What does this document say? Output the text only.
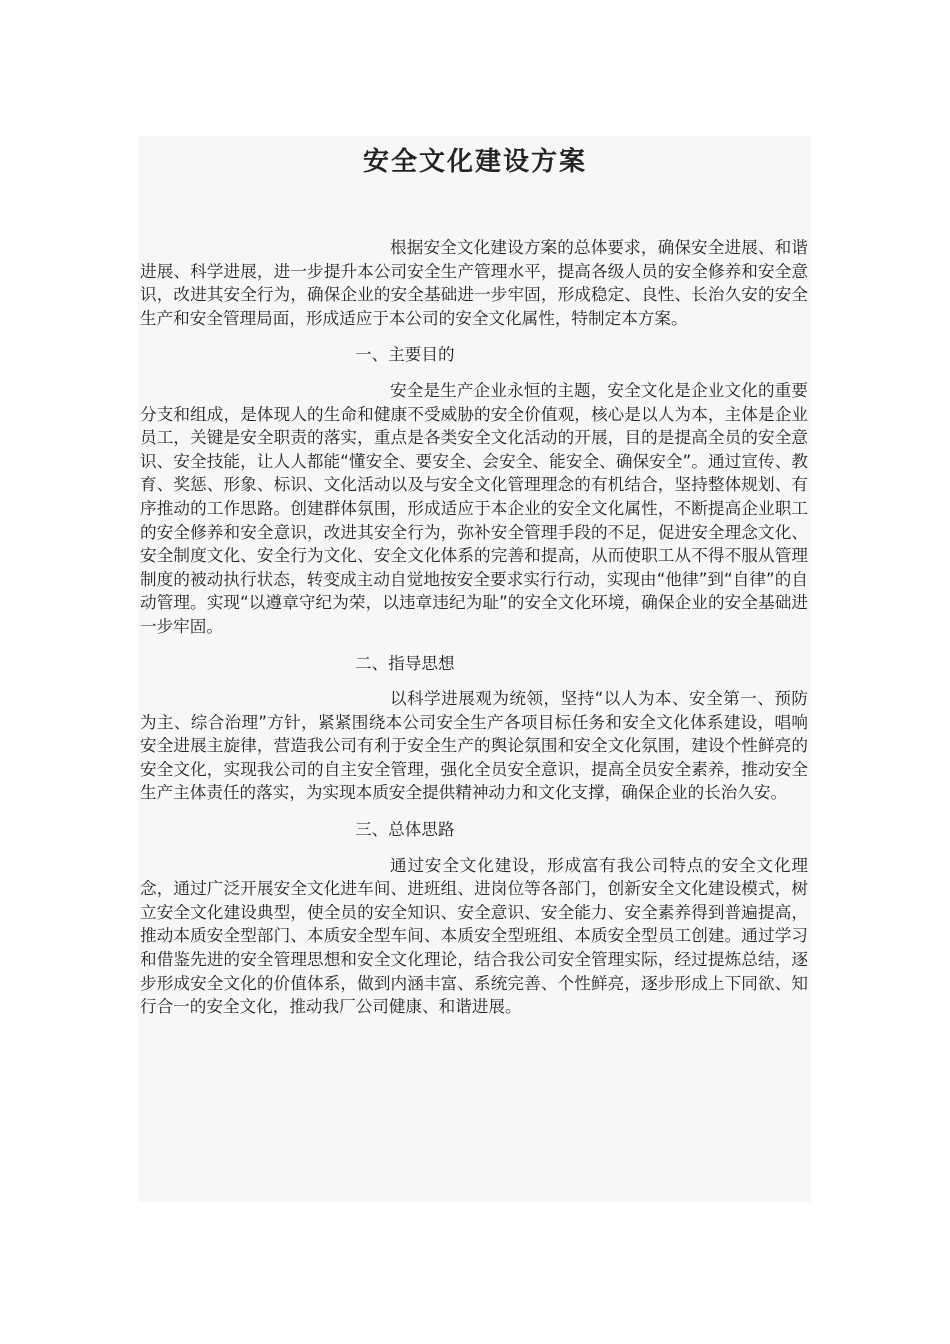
安全文化建设方案

根据安全文化建设方案的总体要求，确保安全进展、和谐进展、科学进展，进一步提升本公司安全生产管理水平，提高各级人员的安全修养和安全意识，改进其安全行为，确保企业的安全基础进一步牢固，形成稳定、良性、长治久安的安全生产和安全管理局面，形成适应于本公司的安全文化属性，特制定本方案。

一、主要目的

安全是生产企业永恒的主题，安全文化是企业文化的重要分支和组成，是体现人的生命和健康不受威胁的安全价值观，核心是以人为本，主体是企业员工，关键是安全职责的落实，重点是各类安全文化活动的开展，目的是提高全员的安全意识、安全技能，让人人都能“懂安全、要安全、会安全、能安全、确保安全”。通过宣传、教育、奖惩、形象、标识、文化活动以及与安全文化管理理念的有机结合，坚持整体规划、有序推动的工作思路。创建群体氛围，形成适应于本企业的安全文化属性，不断提高企业职工的安全修养和安全意识，改进其安全行为，弥补安全管理手段的不足，促进安全理念文化、安全制度文化、安全行为文化、安全文化体系的完善和提高，从而使职工从不得不服从管理制度的被动执行状态，转变成主动自觉地按安全要求实行行动，实现由“他律”到“自律”的自动管理。实现“以遵章守纪为荣，以违章违纪为耻”的安全文化环境，确保企业的安全基础进一步牢固。

二、指导思想

以科学进展观为统领，坚持“以人为本、安全第一、预防为主、综合治理”方针，紧紧围绕本公司安全生产各项目标任务和安全文化体系建设，唱响安全进展主旋律，营造我公司有利于安全生产的舆论氛围和安全文化氛围，建设个性鲜亮的安全文化，实现我公司的自主安全管理，强化全员安全意识，提高全员安全素养，推动安全生产主体责任的落实，为实现本质安全提供精神动力和文化支撑，确保企业的长治久安。

三、总体思路

通过安全文化建设，形成富有我公司特点的安全文化理念，通过广泛开展安全文化进车间、进班组、进岗位等各部门，创新安全文化建设模式，树立安全文化建设典型，使全员的安全知识、安全意识、安全能力、安全素养得到普遍提高，推动本质安全型部门、本质安全型车间、本质安全型班组、本质安全型员工创建。通过学习和借鉴先进的安全管理思想和安全文化理论，结合我公司安全管理实际，经过提炼总结，逐步形成安全文化的价值体系，做到内涵丰富、系统完善、个性鲜亮，逐步形成上下同欲、知行合一的安全文化，推动我厂公司健康、和谐进展。
